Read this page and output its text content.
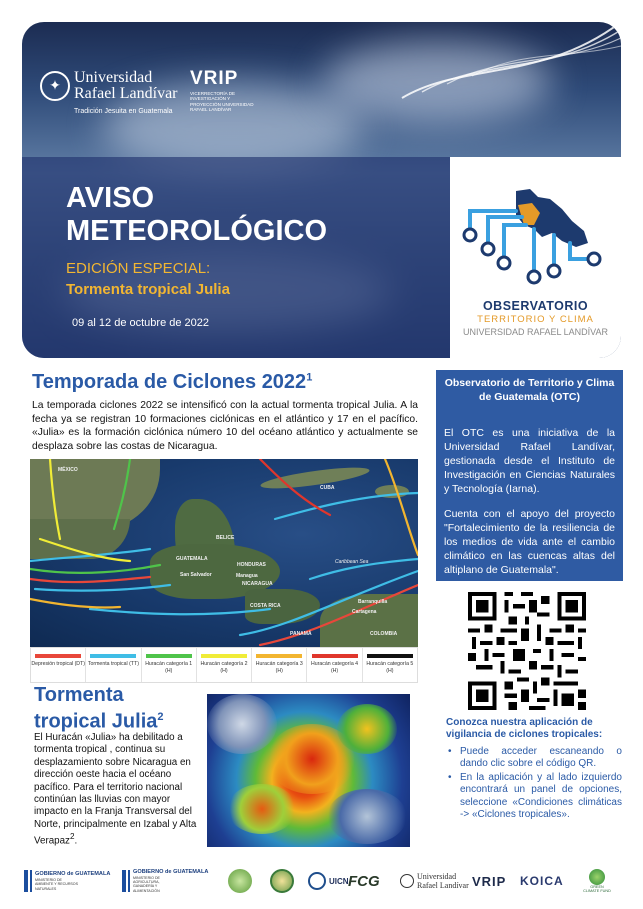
✦ Universidad
Rafael Landívar
Tradición Jesuita en Guatemala
VRIP
VICERRECTORÍA DE INVESTIGACIÓN Y PROYECCIÓN UNIVERSIDAD RAFAEL LANDÍVAR
AVISO
METEOROLÓGICO
EDICIÓN ESPECIAL:
Tormenta tropical Julia
09 al 12 de octubre de 2022
OBSERVATORIO
TERRITORIO Y CLIMA
UNIVERSIDAD RAFAEL LANDÍVAR
Temporada de Ciclones 2022$^1$
La temporada ciclones 2022 se intensificó con la actual tormenta tropical Julia. A la fecha ya se registran 10 formaciones ciclónicas en el atlántico y 17 en el pacífico. «Julia» es la formación ciclónica número 10 del océano atlántico y actualmente se desplaza sobre las costas de Nicaragua.
MÉXICO
CUBA
BELICE
GUATEMALA
HONDURAS
San Salvador	Managua
NICARAGUA
COSTA RICA
PANAMÁ
Caribbean Sea
Barranquilla
Cartagena
COLOMBIA
Depresión tropical (DT) Tormenta tropical (TT)	Huracán categoría 1 (H)
Huracán categoría 2 (H)
Huracán categoría 3 (H)
Huracán categoría 4 (H)
Huracán categoría 5 (H)
Tormenta
tropical Julia$^2$
El Huracán «Julia» ha debilitado a tormenta tropical , continua su desplazamiento sobre Nicaragua en dirección oeste hacia el océano pacífico. Para el territorio nacional continúan las lluvias con mayor impacto en la Franja Transversal del Norte, principalmente en Izabal y Alta Verapaz$^2$.
Observatorio de Territorio y Clima de Guatemala (OTC)
El OTC es una iniciativa de la Universidad Rafael Landívar, gestionada desde el Instituto de Investigación en Ciencias Naturales y Tecnología (Iarna).
Cuenta con el apoyo del proyecto "Fortalecimiento de la resiliencia de los medios de vida ante el cambio climático en las cuencas altas del altiplano de Guatemala".
Conozca nuestra aplicación de vigilancia de ciclones tropicales:
• Puede acceder escaneando o dando clic sobre el código QR.
• En la aplicación y al lado izquierdo encontrará un panel de opciones, seleccione «Condiciones climáticas -> «Ciclones tropicales».
GOBIERNO de GUATEMALA
MINISTERIO DE AMBIENTE Y RECURSOS NATURALES
GOBIERNO de GUATEMALA
MINISTERIO DE AGRICULTURA, GANADERÍA Y ALIMENTACIÓN
UICN FCG	Universidad
Rafael Landívar VRIP KOICA	GREEN CLIMATE FUND
